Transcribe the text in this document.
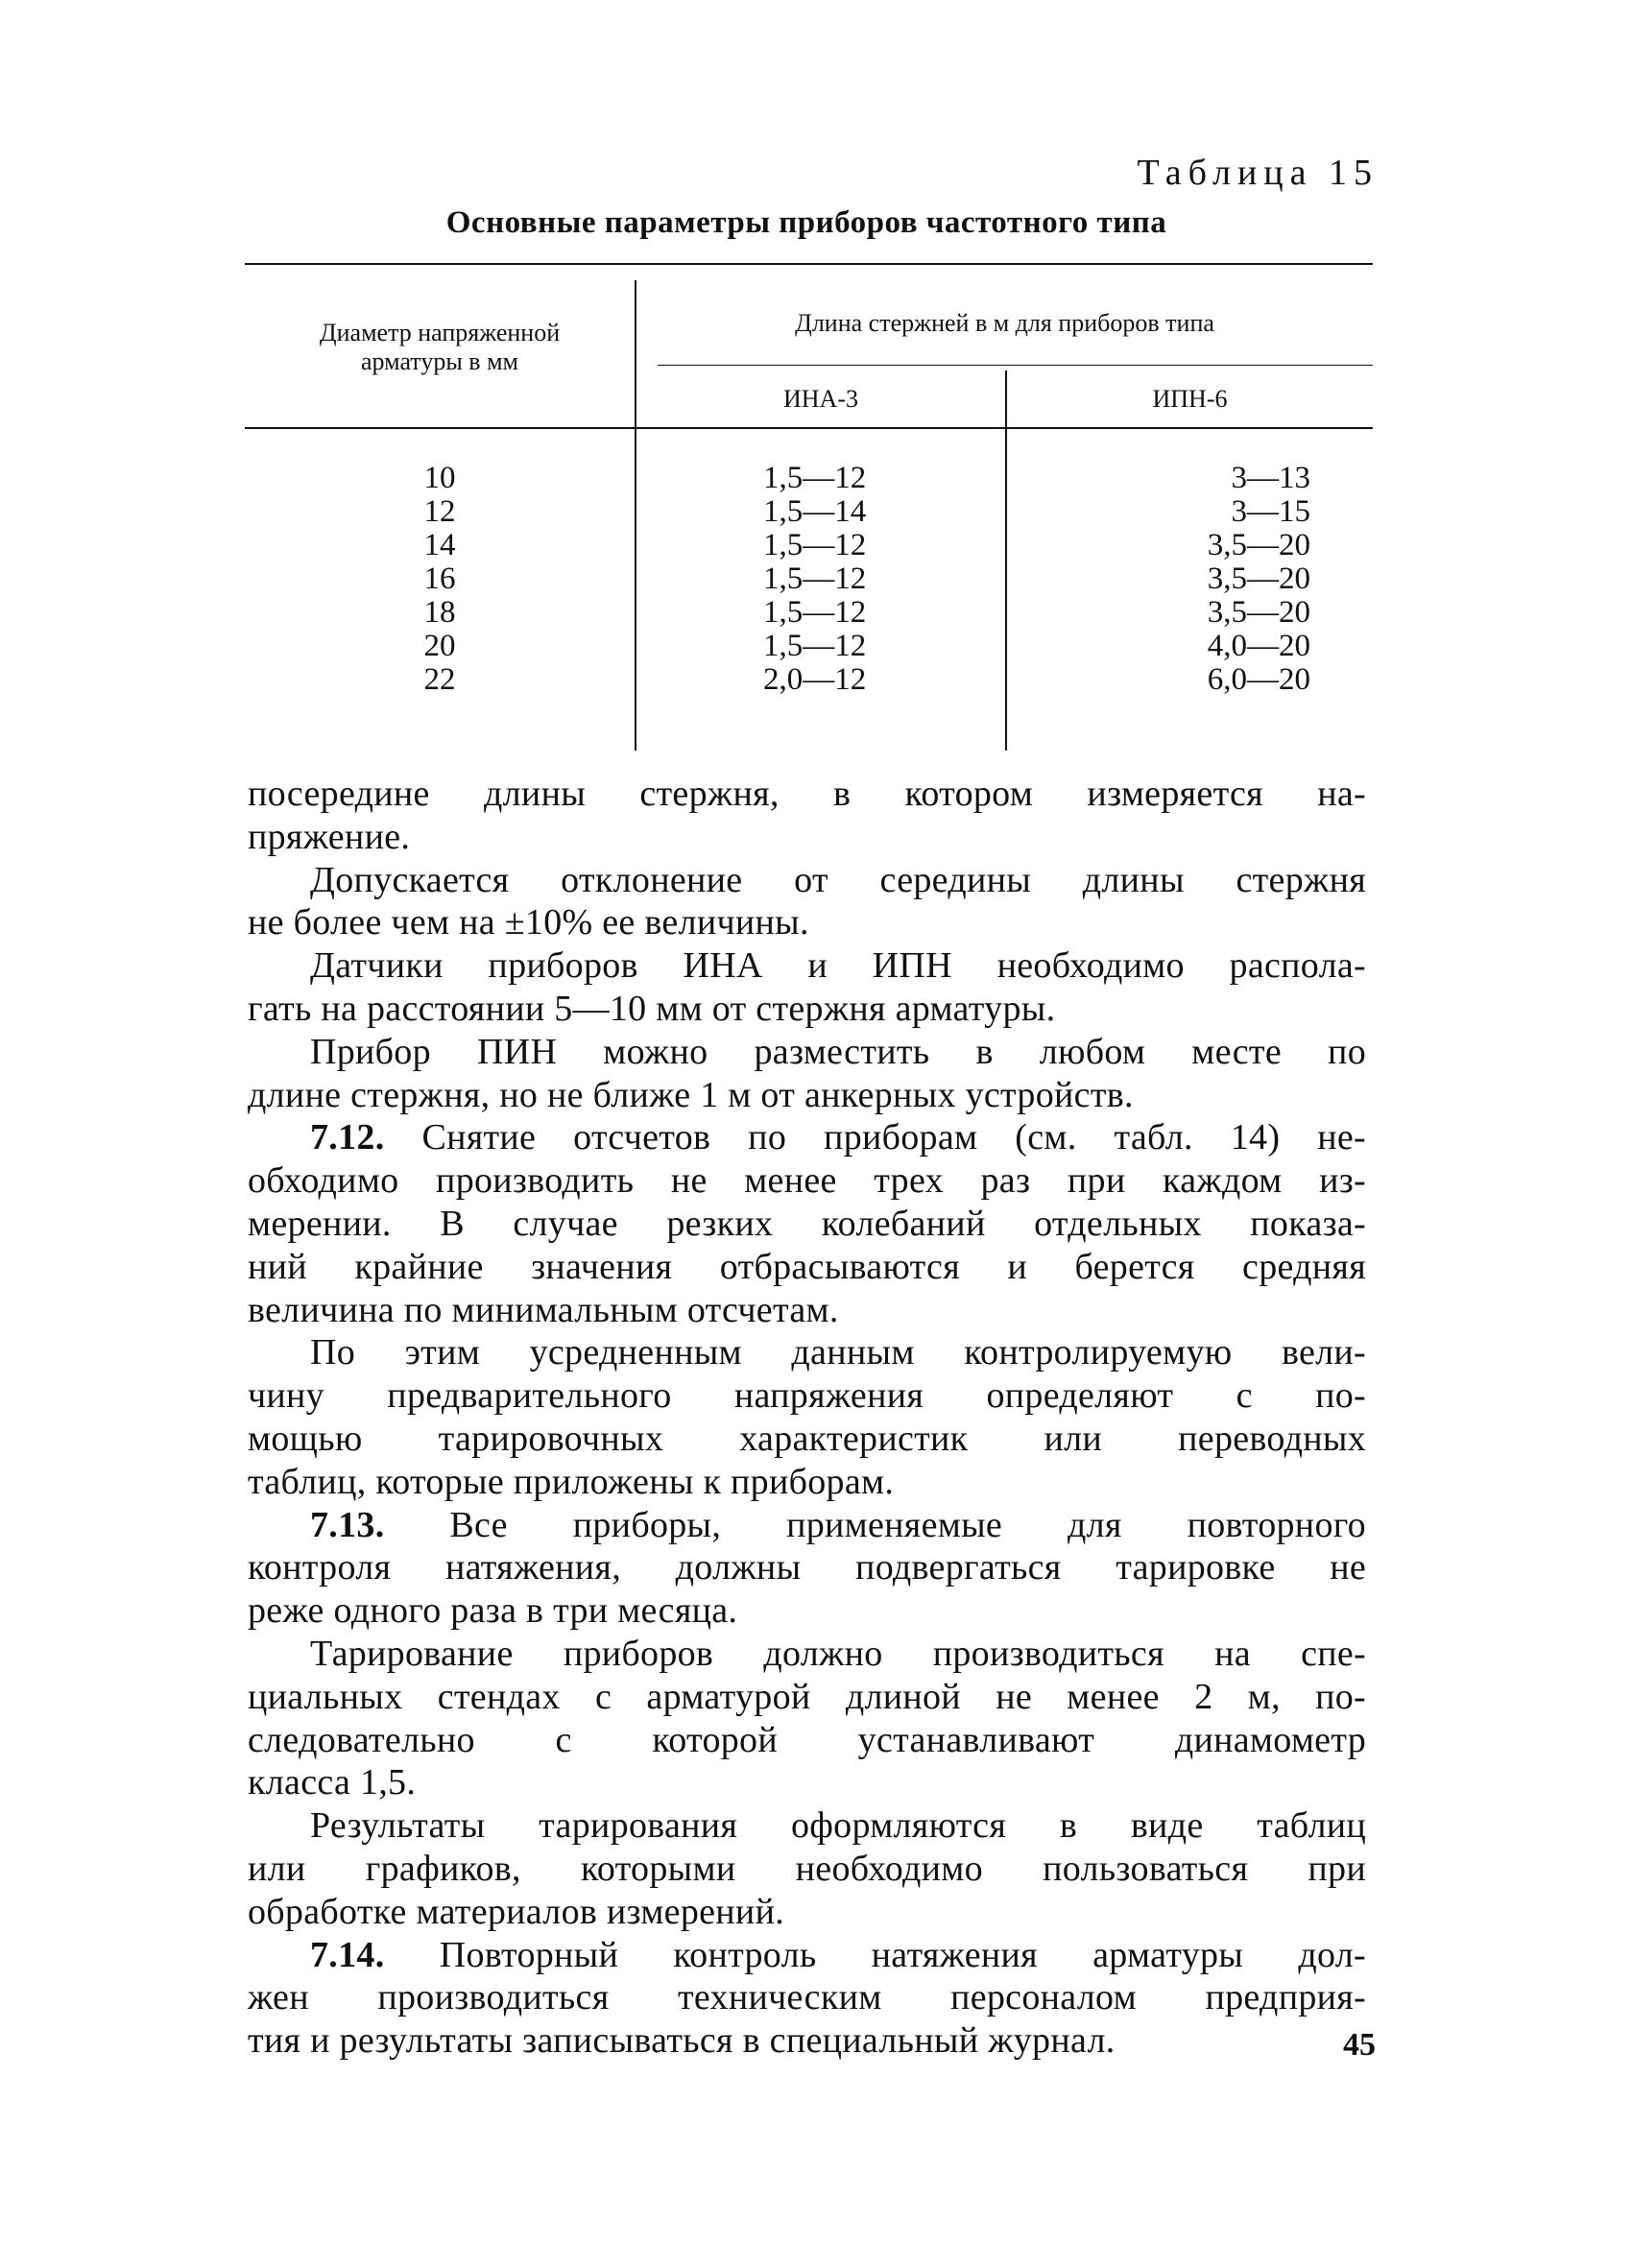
Таблица 15
Основные параметры приборов частотного типа
Диаметр напряженной
арматуры в мм
Длина стержней в м для приборов типа
ИНА-3	ИПН-6
10
12
14
16
18
20
22
1,5—12
1,5—14
1,5—12
1,5—12
1,5—12
1,5—12
2,0—12
3—13
3—15
3,5—20
3,5—20
3,5—20
4,0—20
6,0—20
посередине длины стержня, в котором измеряется на-
пряжение.
Допускается отклонение от середины длины стержня
не более чем на ±10% ее величины.
Датчики приборов ИНА и ИПН необходимо распола-
гать на расстоянии 5—10 мм от стержня арматуры.
Прибор ПИН можно разместить в любом месте по
длине стержня, но не ближе 1 м от анкерных устройств.
7.12. Снятие отсчетов по приборам (см. табл. 14) не-
обходимо производить не менее трех раз при каждом из-
мерении. В случае резких колебаний отдельных показа-
ний крайние значения отбрасываются и берется средняя
величина по минимальным отсчетам.
По этим усредненным данным контролируемую вели-
чину предварительного напряжения определяют с по-
мощью тарировочных характеристик или переводных
таблиц, которые приложены к приборам.
7.13. Все приборы, применяемые для повторного
контроля натяжения, должны подвергаться тарировке не
реже одного раза в три месяца.
Тарирование приборов должно производиться на спе-
циальных стендах с арматурой длиной не менее 2 м, по-
следовательно с которой устанавливают динамометр
класса 1,5.
Результаты тарирования оформляются в виде таблиц
или графиков, которыми необходимо пользоваться при
обработке материалов измерений.
7.14. Повторный контроль натяжения арматуры дол-
жен производиться техническим персоналом предприя-
тия и результаты записываться в специальный журнал.	45
